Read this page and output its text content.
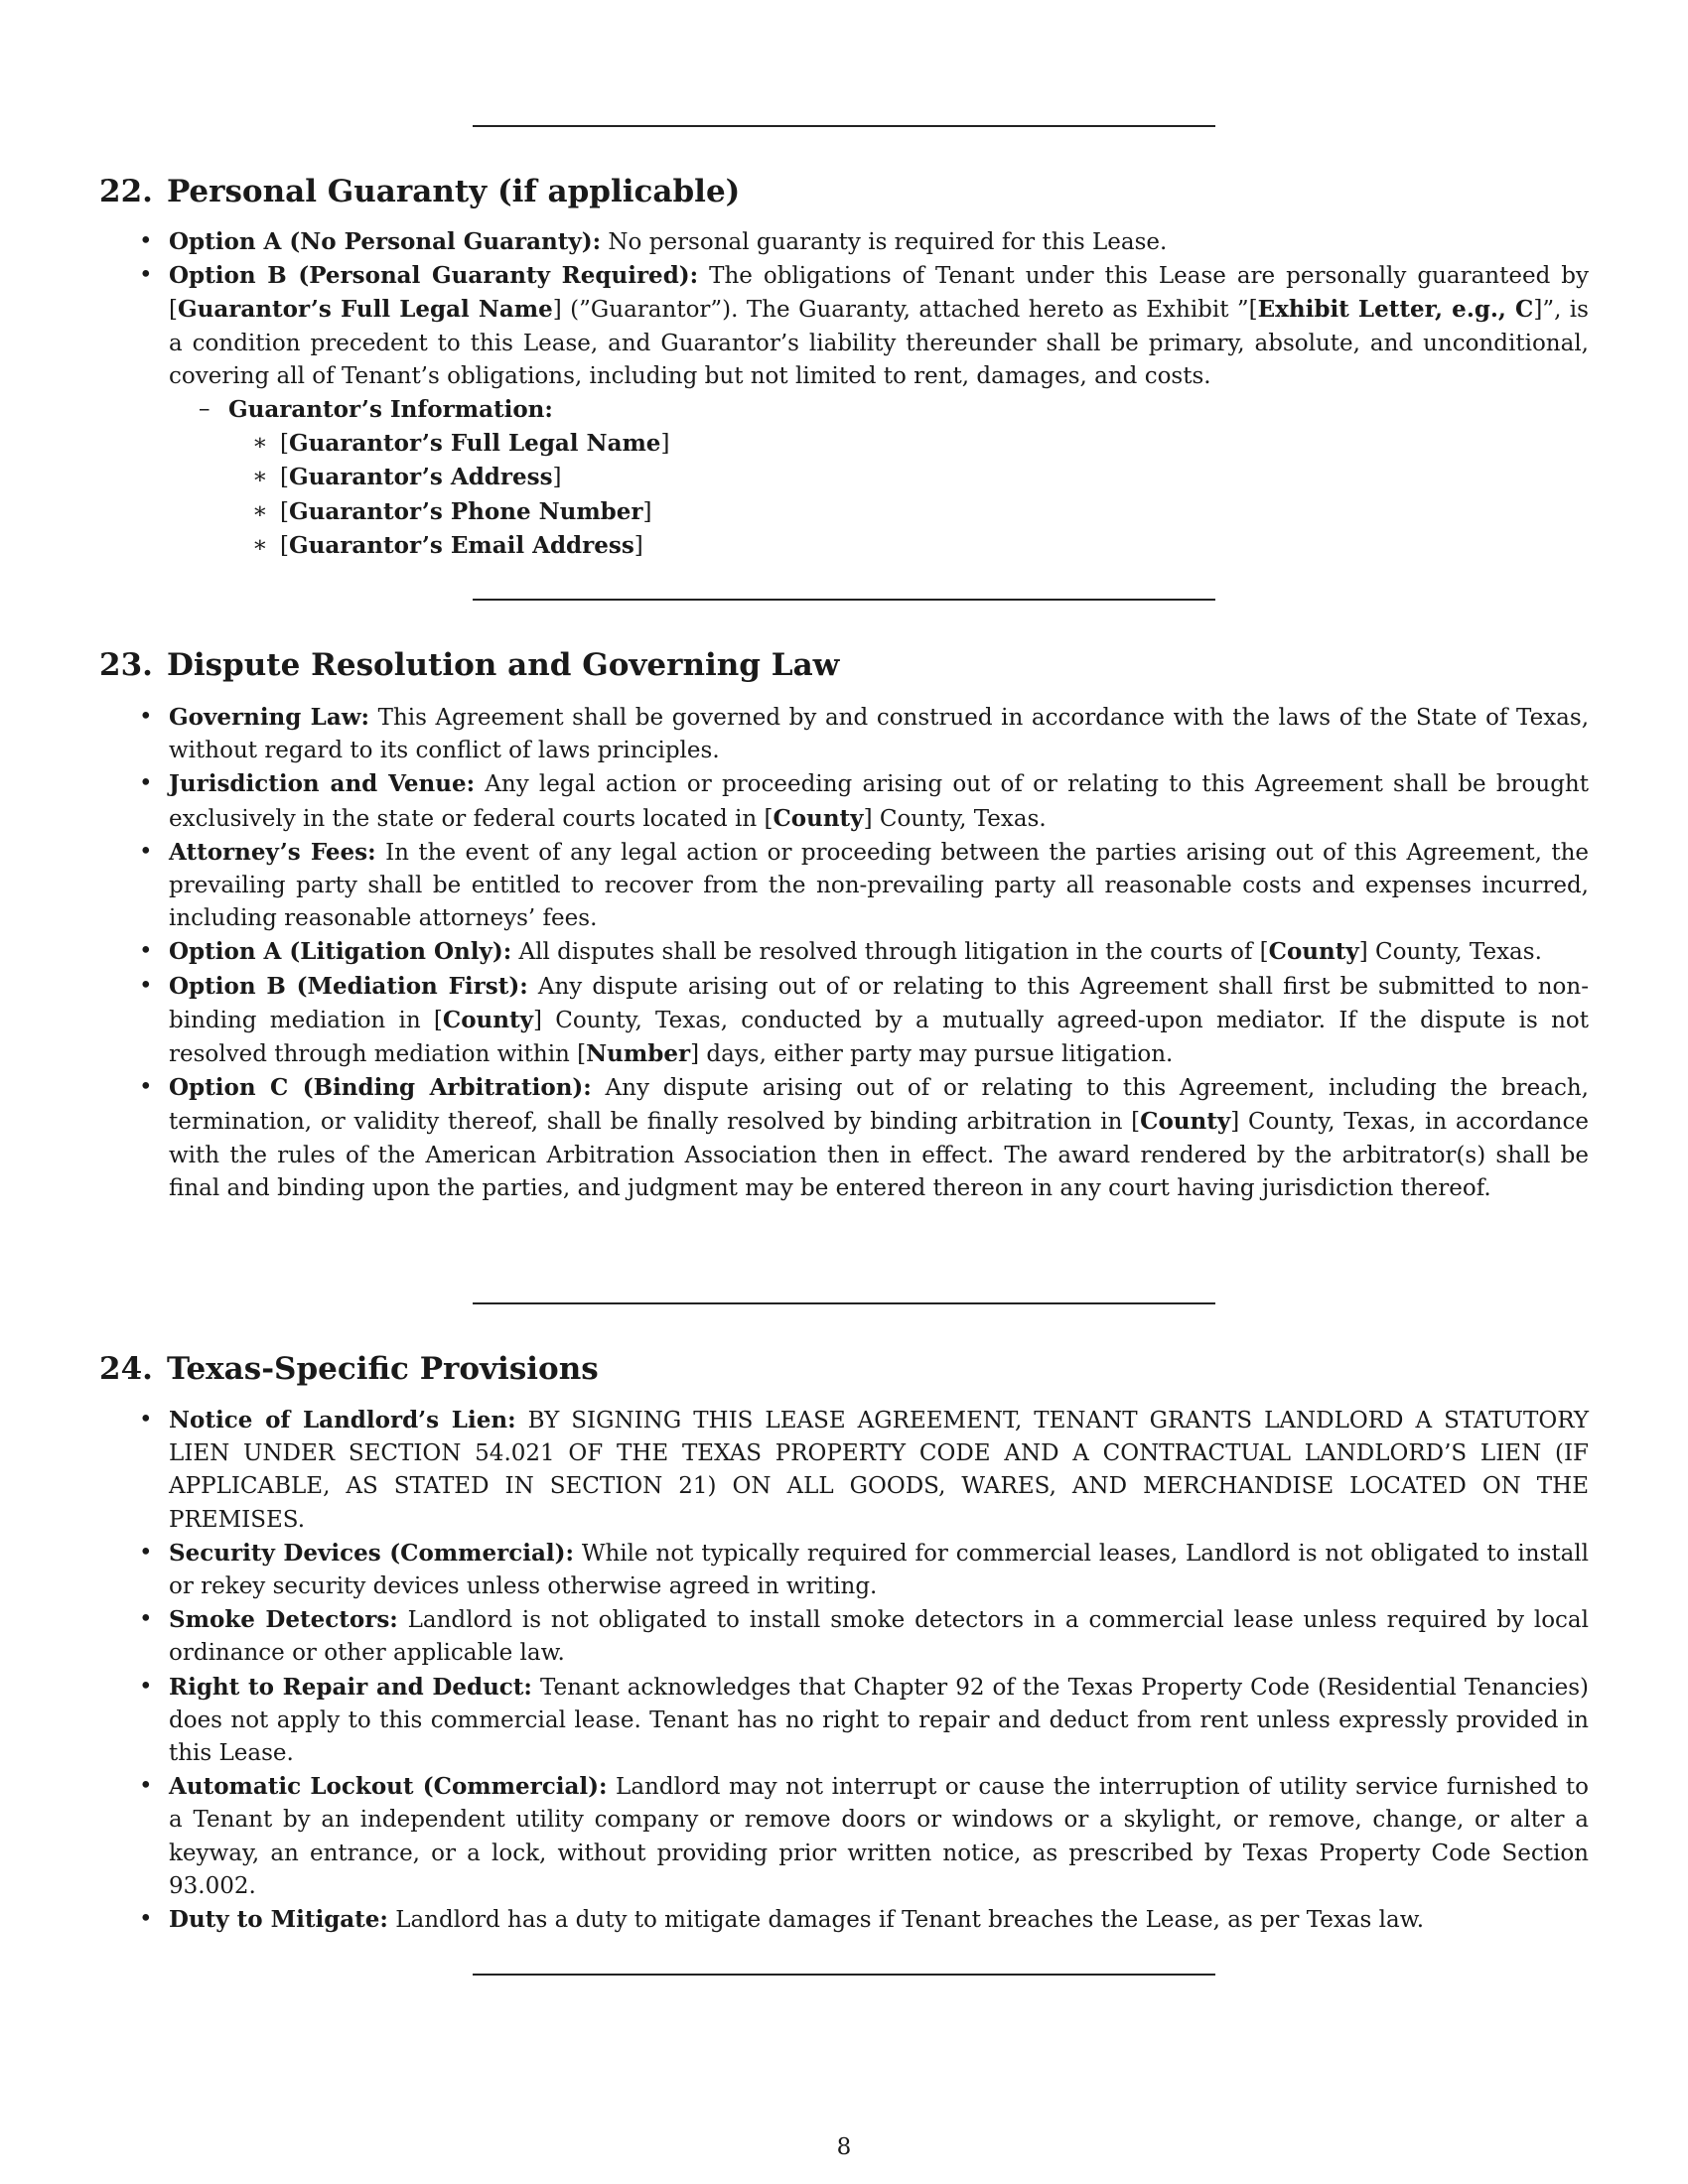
22. Personal Guaranty (if applicable)
• Option A (No Personal Guaranty): No personal guaranty is required for this Lease.
• Option B (Personal Guaranty Required): The obligations of Tenant under this Lease are personally guaranteed by [Guarantor’s Full Legal Name] (”Guarantor”). The Guaranty, attached hereto as Exhibit ”[Exhibit Letter, e.g., C]”, is a condition precedent to this Lease, and Guarantor’s liability thereunder shall be primary, absolute, and unconditional, covering all of Tenant’s obligations, including but not limited to rent, damages, and costs.
– Guarantor’s Information:
∗ [Guarantor’s Full Legal Name]
∗ [Guarantor’s Address]
∗ [Guarantor’s Phone Number]
∗ [Guarantor’s Email Address]
23. Dispute Resolution and Governing Law
• Governing Law: This Agreement shall be governed by and construed in accordance with the laws of the State of Texas, without regard to its conflict of laws principles.
• Jurisdiction and Venue: Any legal action or proceeding arising out of or relating to this Agreement shall be brought exclusively in the state or federal courts located in [County] County, Texas.
• Attorney’s Fees: In the event of any legal action or proceeding between the parties arising out of this Agreement, the prevailing party shall be entitled to recover from the non-prevailing party all reasonable costs and expenses incurred, including reasonable attorneys’ fees.
• Option A (Litigation Only): All disputes shall be resolved through litigation in the courts of [County] County, Texas.
• Option B (Mediation First): Any dispute arising out of or relating to this Agreement shall first be submitted to non-binding mediation in [County] County, Texas, conducted by a mutually agreed-upon mediator. If the dispute is not resolved through mediation within [Number] days, either party may pursue litigation.
• Option C (Binding Arbitration): Any dispute arising out of or relating to this Agreement, including the breach, termination, or validity thereof, shall be finally resolved by binding arbitration in [County] County, Texas, in accordance with the rules of the American Arbitration Association then in effect. The award rendered by the arbitrator(s) shall be final and binding upon the parties, and judgment may be entered thereon in any court having jurisdiction thereof.
24. Texas-Specific Provisions
• Notice of Landlord’s Lien: BY SIGNING THIS LEASE AGREEMENT, TENANT GRANTS LANDLORD A STATUTORY LIEN UNDER SECTION 54.021 OF THE TEXAS PROPERTY CODE AND A CONTRACTUAL LANDLORD’S LIEN (IF APPLICABLE, AS STATED IN SECTION 21) ON ALL GOODS, WARES, AND MERCHANDISE LOCATED ON THE PREMISES.
• Security Devices (Commercial): While not typically required for commercial leases, Landlord is not obligated to install or rekey security devices unless otherwise agreed in writing.
• Smoke Detectors: Landlord is not obligated to install smoke detectors in a commercial lease unless required by local ordinance or other applicable law.
• Right to Repair and Deduct: Tenant acknowledges that Chapter 92 of the Texas Property Code (Residential Tenancies) does not apply to this commercial lease. Tenant has no right to repair and deduct from rent unless expressly provided in this Lease.
• Automatic Lockout (Commercial): Landlord may not interrupt or cause the interruption of utility service furnished to a Tenant by an independent utility company or remove doors or windows or a skylight, or remove, change, or alter a keyway, an entrance, or a lock, without providing prior written notice, as prescribed by Texas Property Code Section 93.002.
• Duty to Mitigate: Landlord has a duty to mitigate damages if Tenant breaches the Lease, as per Texas law.
8
